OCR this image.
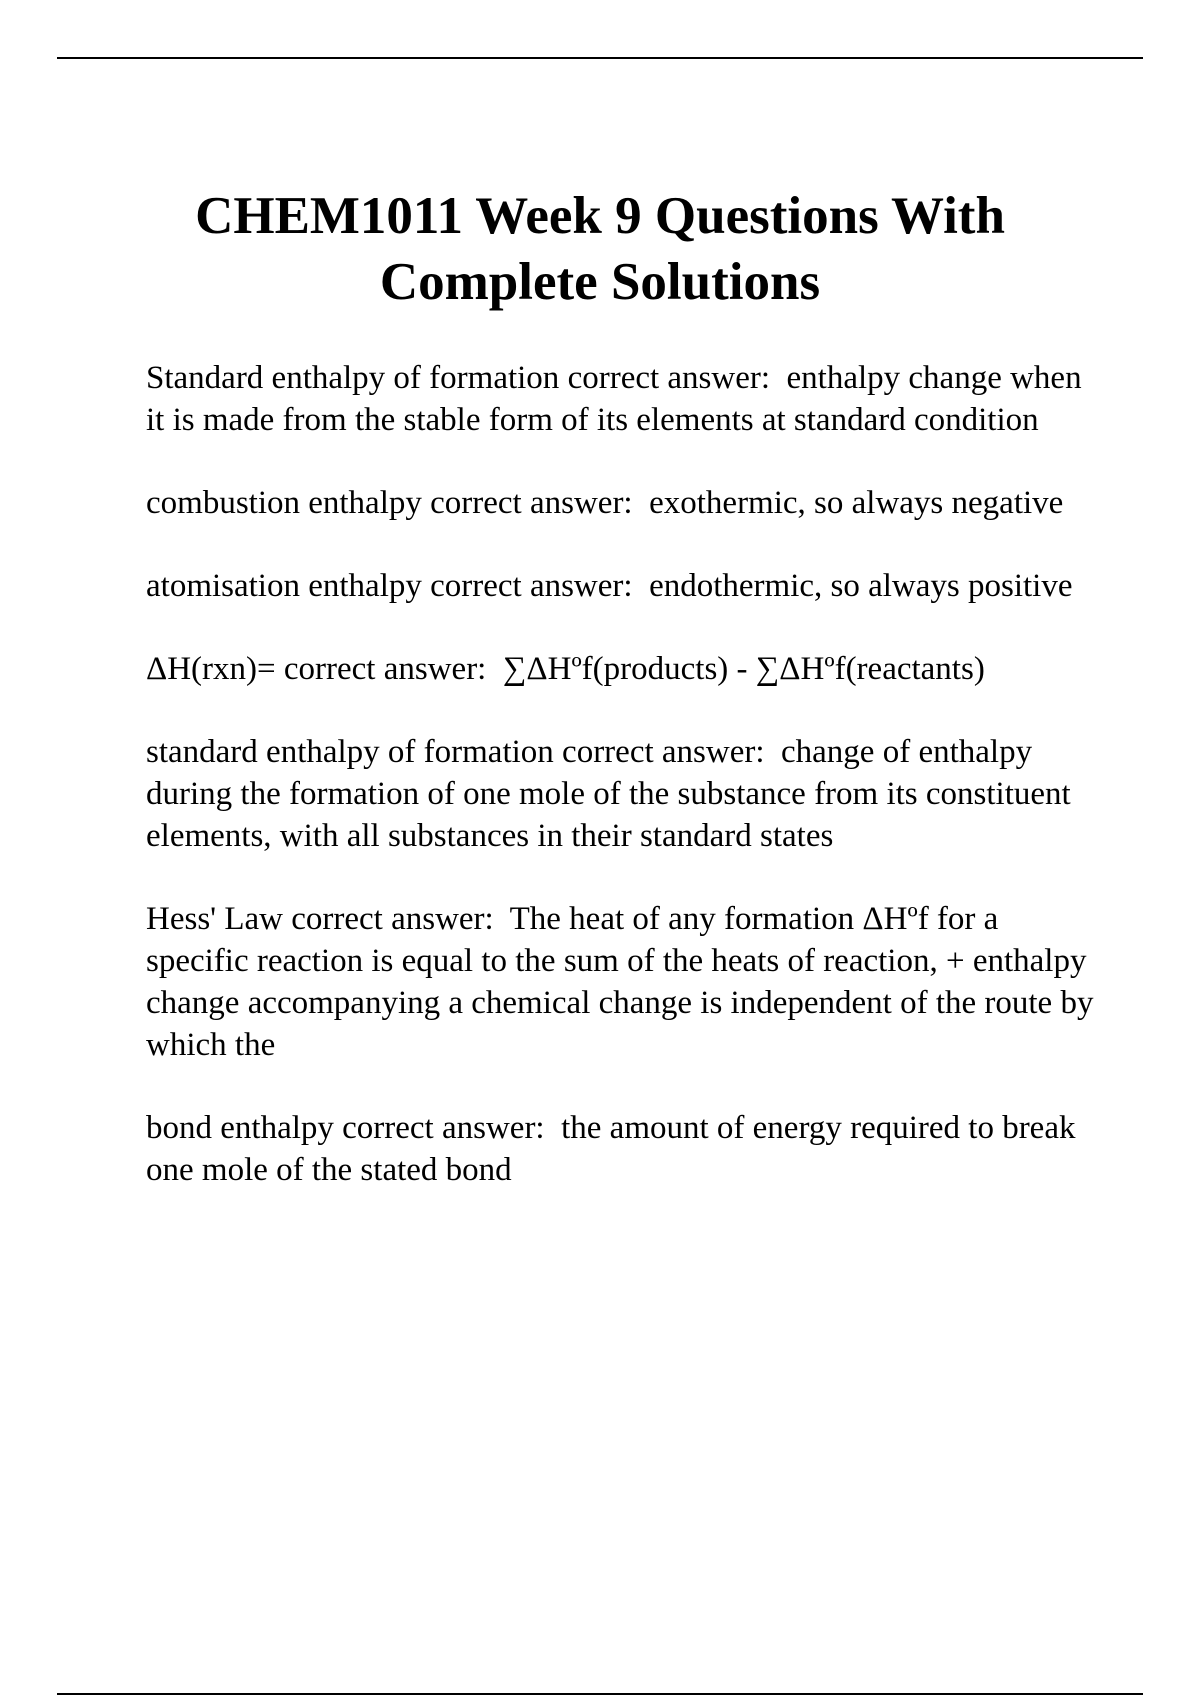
CHEM1011 Week 9 Questions With Complete Solutions

Standard enthalpy of formation correct answer: enthalpy change when it is made from the stable form of its elements at standard condition

combustion enthalpy correct answer: exothermic, so always negative

atomisation enthalpy correct answer: endothermic, so always positive

ΔH(rxn)= correct answer: ∑ΔHºf(products) - ∑ΔHºf(reactants)

standard enthalpy of formation correct answer: change of enthalpy during the formation of one mole of the substance from its constituent elements, with all substances in their standard states

Hess' Law correct answer: The heat of any formation ΔHºf for a specific reaction is equal to the sum of the heats of reaction, + enthalpy change accompanying a chemical change is independent of the route by which the

bond enthalpy correct answer: the amount of energy required to break one mole of the stated bond
